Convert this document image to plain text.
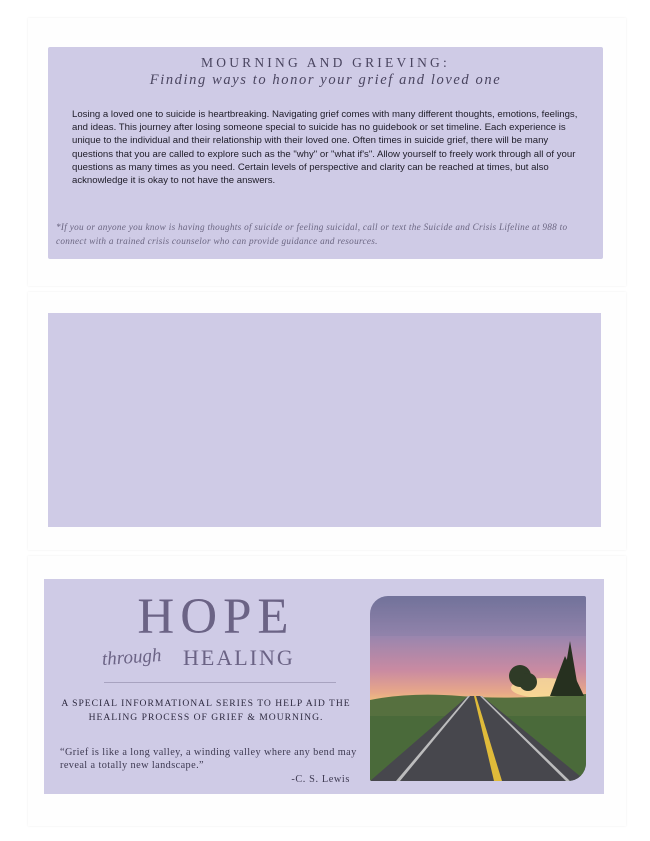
MOURNING AND GRIEVING:
Finding ways to honor your grief and loved one
Losing a loved one to suicide is heartbreaking. Navigating grief comes with many different thoughts, emotions, feelings, and ideas. This journey after losing someone special to suicide has no guidebook or set timeline. Each experience is unique to the individual and their relationship with their loved one. Often times in suicide grief, there will be many questions that you are called to explore such as the "why" or "what if's". Allow yourself to freely work through all of your questions as many times as you need. Certain levels of perspective and clarity can be reached at times, but also acknowledge it is okay to not have the answers.
*If you or anyone you know is having thoughts of suicide or feeling suicidal, call or text the Suicide and Crisis Lifeline at 988 to connect with a trained crisis counselor who can provide guidance and resources.
HOPE
through HEALING
A SPECIAL INFORMATIONAL SERIES TO HELP AID THE HEALING PROCESS OF GRIEF & MOURNING.
“Grief is like a long valley, a winding valley where any bend may reveal a totally new landscape.”
-C. S. Lewis
